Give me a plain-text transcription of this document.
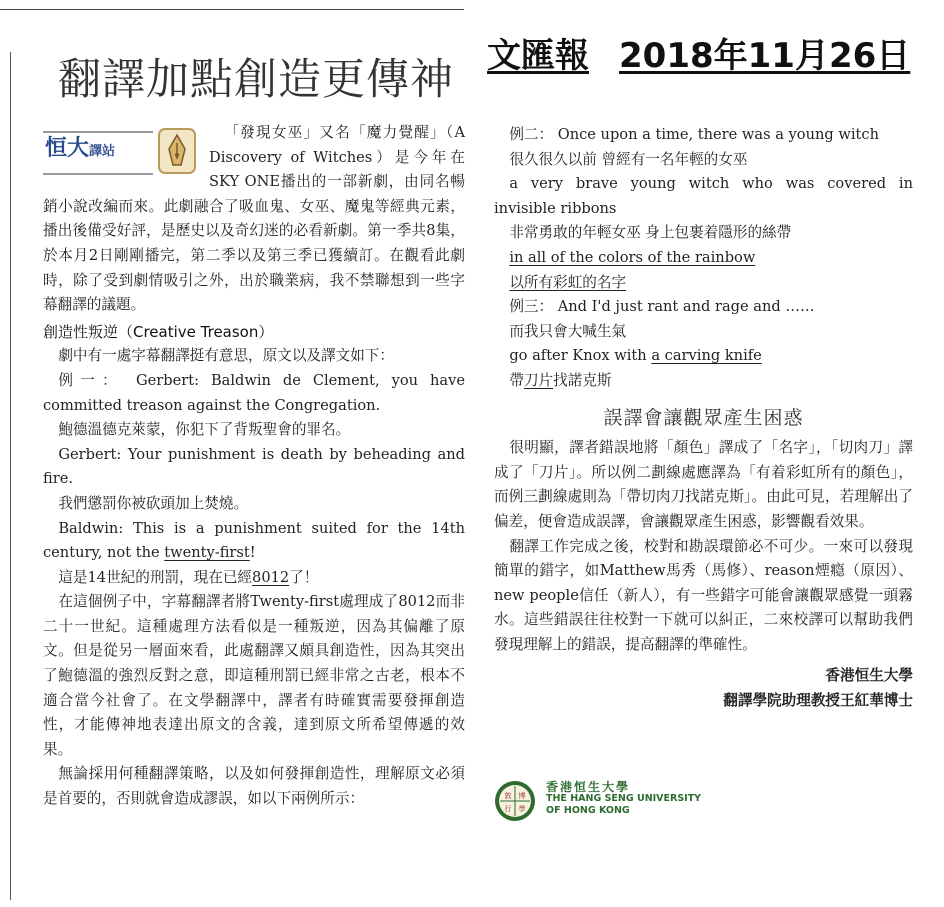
翻譯加點創造更傳神 文匯報 2018年11月26日
恒大譯站

「發現女巫」又名「魔力覺醒」（A Discovery of Witches）是今年在SKY ONE播出的一部新劇，由同名暢銷小說改編而來。此劇融合了吸血鬼、女巫、魔鬼等經典元素，播出後備受好評，是歷史以及奇幻迷的必看新劇。第一季共8集，於本月2日剛剛播完，第二季以及第三季已獲續訂。在觀看此劇時，除了受到劇情吸引之外，出於職業病，我不禁聯想到一些字幕翻譯的議題。

創造性叛逆（Creative Treason）

劇中有一處字幕翻譯挺有意思，原文以及譯文如下：

例一： Gerbert: Baldwin de Clement, you have committed treason against the Congregation.

鮑德溫德克萊蒙，你犯下了背叛聖會的罪名。

Gerbert: Your punishment is death by beheading and fire.

我們懲罰你被砍頭加上焚燒。

Baldwin: This is a punishment suited for the 14th century, not the twenty-first!

這是14世紀的刑罰，現在已經8012了！

在這個例子中，字幕翻譯者將Twenty-first處理成了8012而非二十一世紀。這種處理方法看似是一種叛逆，因為其偏離了原文。但是從另一層面來看，此處翻譯又頗具創造性，因為其突出了鮑德溫的強烈反對之意，即這種刑罰已經非常之古老，根本不適合當今社會了。在文學翻譯中，譯者有時確實需要發揮創造性，才能傳神地表達出原文的含義，達到原文所希望傳遞的效果。

無論採用何種翻譯策略，以及如何發揮創造性，理解原文必須是首要的，否則就會造成謬誤，如以下兩例所示：

例二： Once upon a time, there was a young witch

很久很久以前 曾經有一名年輕的女巫

a very brave young witch who was covered in invisible ribbons

非常勇敢的年輕女巫 身上包裹着隱形的絲帶

in all of the colors of the rainbow

以所有彩虹的名字

例三： And I'd just rant and rage and ……

而我只會大喊生氣

go after Knox with a carving knife

帶刀片找諾克斯

誤譯會讓觀眾產生困惑

很明顯，譯者錯誤地將「顏色」譯成了「名字」，「切肉刀」譯成了「刀片」。所以例二劃線處應譯為「有着彩虹所有的顏色」，而例三劃線處則為「帶切肉刀找諾克斯」。由此可見，若理解出了偏差，便會造成誤譯，會讓觀眾產生困惑，影響觀看效果。

翻譯工作完成之後，校對和勘誤環節必不可少。一來可以發現簡單的錯字，如Matthew馬秀（馬修）、reason煙瘾（原因）、new people信任（新人），有一些錯字可能會讓觀眾感覺一頭霧水。這些錯誤往往校對一下就可以糾正，二來校譯可以幫助我們發現理解上的錯誤，提高翻譯的準確性。

香港恒生大學
翻譯學院助理教授王紅華博士
敦 博
行 學
香港恒生大學
THE HANG SENG UNIVERSITY
OF HONG KONG
